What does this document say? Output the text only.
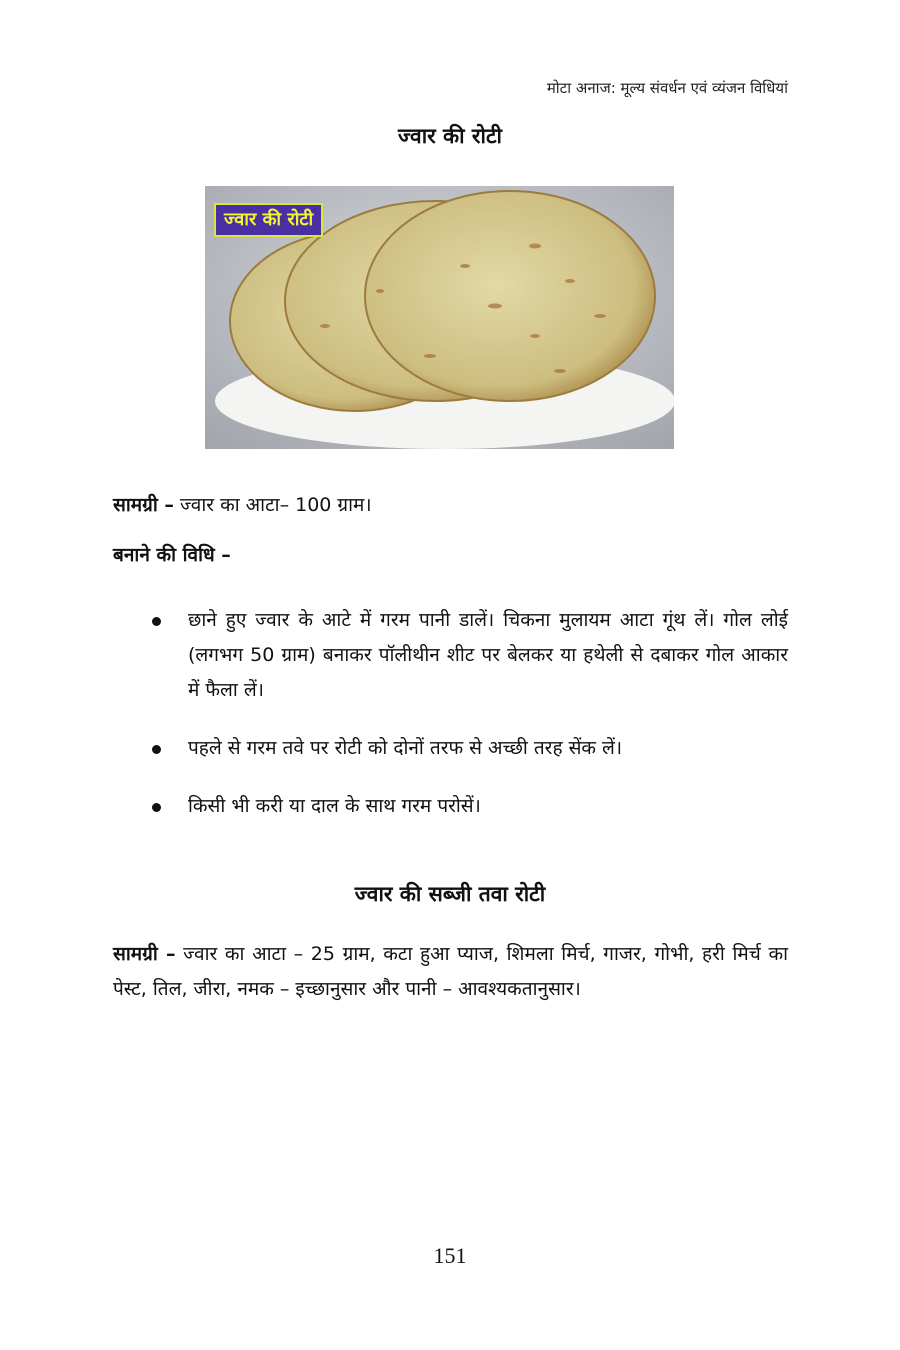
मोटा अनाज: मूल्य संवर्धन एवं व्यंजन विधियां
ज्वार की रोटी
ज्वार की रोटी
सामग्री – ज्वार का आटा– 100 ग्राम।
बनाने की विधि –
छाने हुए ज्वार के आटे में गरम पानी डालें। चिकना मुलायम आटा गूंथ लें। गोल लोई (लगभग 50 ग्राम) बनाकर पॉलीथीन शीट पर बेलकर या हथेली से दबाकर गोल आकार में फैला लें।
पहले से गरम तवे पर रोटी को दोनों तरफ से अच्छी तरह सेंक लें।
किसी भी करी या दाल के साथ गरम परोसें।
ज्वार की सब्जी तवा रोटी
सामग्री – ज्वार का आटा – 25 ग्राम, कटा हुआ प्याज, शिमला मिर्च, गाजर, गोभी, हरी मिर्च का पेस्ट, तिल, जीरा, नमक – इच्छानुसार और पानी – आवश्यकतानुसार।
151
